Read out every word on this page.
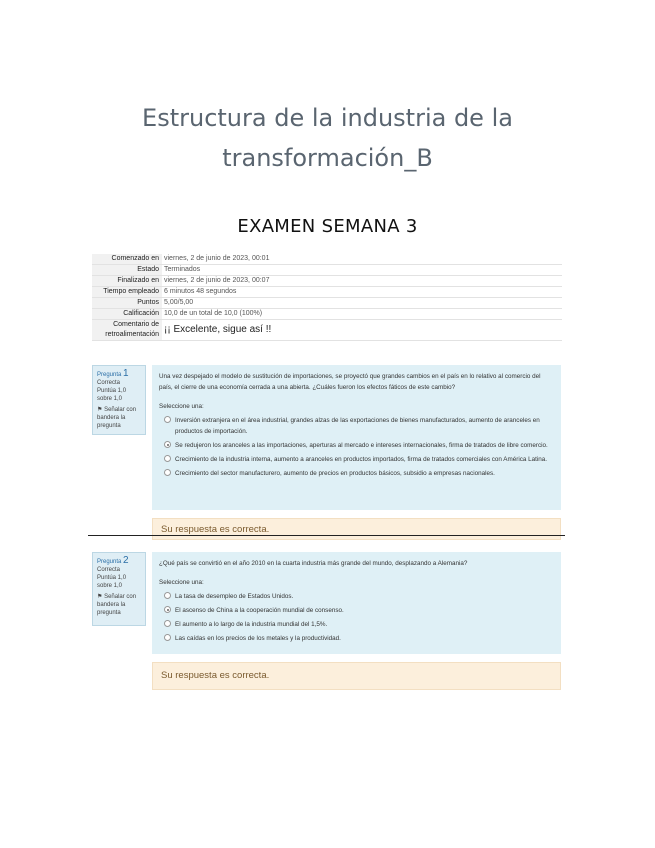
Estructura de la industria de la
transformación_B
EXAMEN SEMANA 3
Comenzado en	viernes, 2 de junio de 2023, 00:01
Estado	Terminados
Finalizado en	viernes, 2 de junio de 2023, 00:07
Tiempo empleado	6 minutos 48 segundos
Puntos	5,00/5,00
Calificación	10,0 de un total de 10,0 (100%)
Comentario de retroalimentación	¡¡ Excelente, sigue así !!
Pregunta 1
Correcta
Puntúa 1,0 sobre 1,0
⚑ Señalar con bandera la pregunta
Una vez despejado el modelo de sustitución de importaciones, se proyectó que grandes cambios en el país en lo relativo al comercio del país, el cierre de una economía cerrada a una abierta. ¿Cuáles fueron los efectos fáticos de este cambio?
Seleccione una:
Inversión extranjera en el área industrial, grandes alzas de las exportaciones de bienes manufacturados, aumento de aranceles en productos de importación.
Se redujeron los aranceles a las importaciones, aperturas al mercado e intereses internacionales, firma de tratados de libre comercio.
Crecimiento de la industria interna, aumento a aranceles en productos importados, firma de tratados comerciales con América Latina.
Crecimiento del sector manufacturero, aumento de precios en productos básicos, subsidio a empresas nacionales.
Su respuesta es correcta.
Pregunta 2
Correcta
Puntúa 1,0 sobre 1,0
⚑ Señalar con bandera la pregunta
¿Qué país se convirtió en el año 2010 en la cuarta industria más grande del mundo, desplazando a Alemania?
Seleccione una:
La tasa de desempleo de Estados Unidos.
El ascenso de China a la cooperación mundial de consenso.
El aumento a lo largo de la industria mundial del 1,5%.
Las caídas en los precios de los metales y la productividad.
Su respuesta es correcta.
